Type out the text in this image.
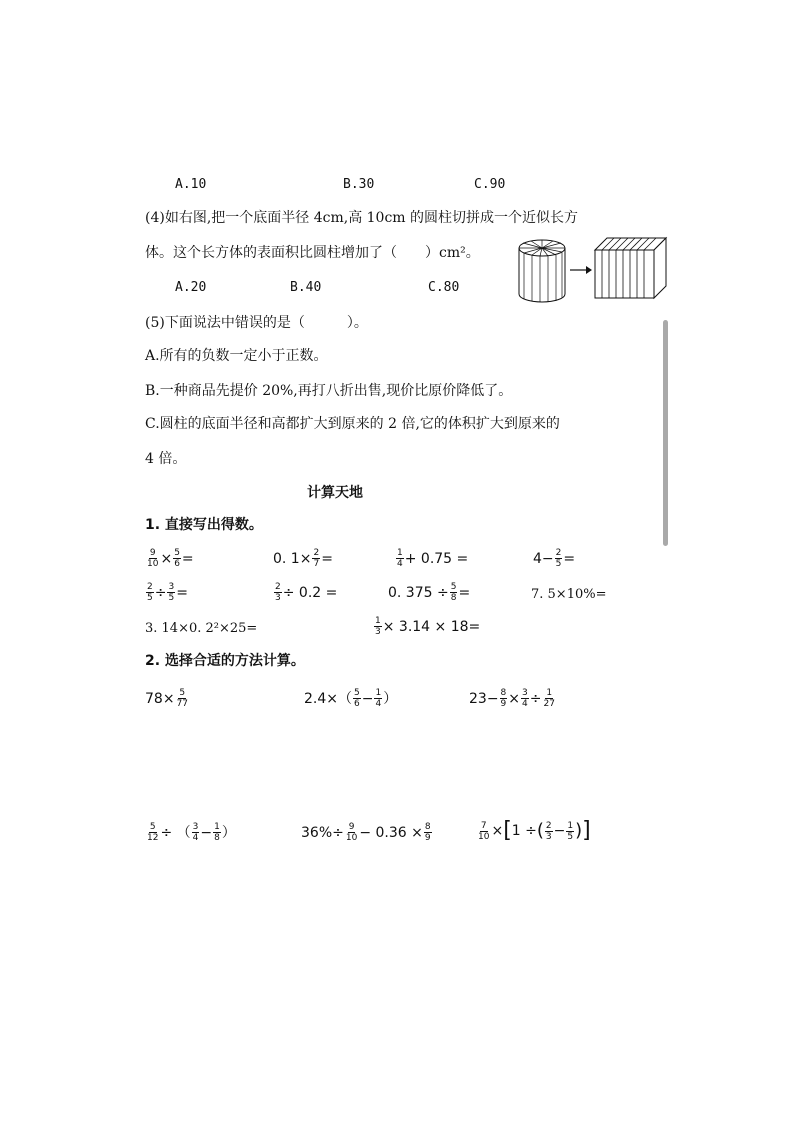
A.10	B.30	C.90
(4)如右图,把一个底面半径 4cm,高 10cm 的圆柱切拼成一个近似长方
体。这个长方体的表面积比圆柱增加了（　　）cm²。
A.20	B.40	C.80
(5)下面说法中错误的是（　　　）。
A.所有的负数一定小于正数。
B.一种商品先提价 20%,再打八折出售,现价比原价降低了。
C.圆柱的底面半径和高都扩大到原来的 2 倍,它的体积扩大到原来的
4 倍。
计算天地
1. 直接写出得数。
$\frac{9}{10} \times \frac{5}{6}$ =	0. $1\times \frac{2}{7}$ =	$\frac{1}{4} + 0.75$ =	$4- \frac{2}{5}$ =
$\frac{2}{5} \div \frac{3}{5}$ =	$\frac{2}{3} \div 0.2$ =	0. $375 \div \frac{5}{8}$ =	7. 5×10%=
3. 14×0. 2²×25=	$\frac{1}{3} \times 3.14 \times 18=$
2. 选择合适的方法计算。
$78\times \frac{5}{77}$	$2.4\times( \frac{5}{6} - \frac{1}{4}$ ）	$23- \frac{8}{9} \times \frac{3}{4} \div \frac{1}{27}$
$\frac{5}{12}$ ÷ （ $\frac{3}{4} - \frac{1}{8}$ ）	$36\%\div \frac{9}{10} - 0.36 \times \frac{8}{9}$	$\frac{7}{10}$ × [ 1 ÷ ( $\frac{2}{3} - \frac{1}{5}$ ) ]
